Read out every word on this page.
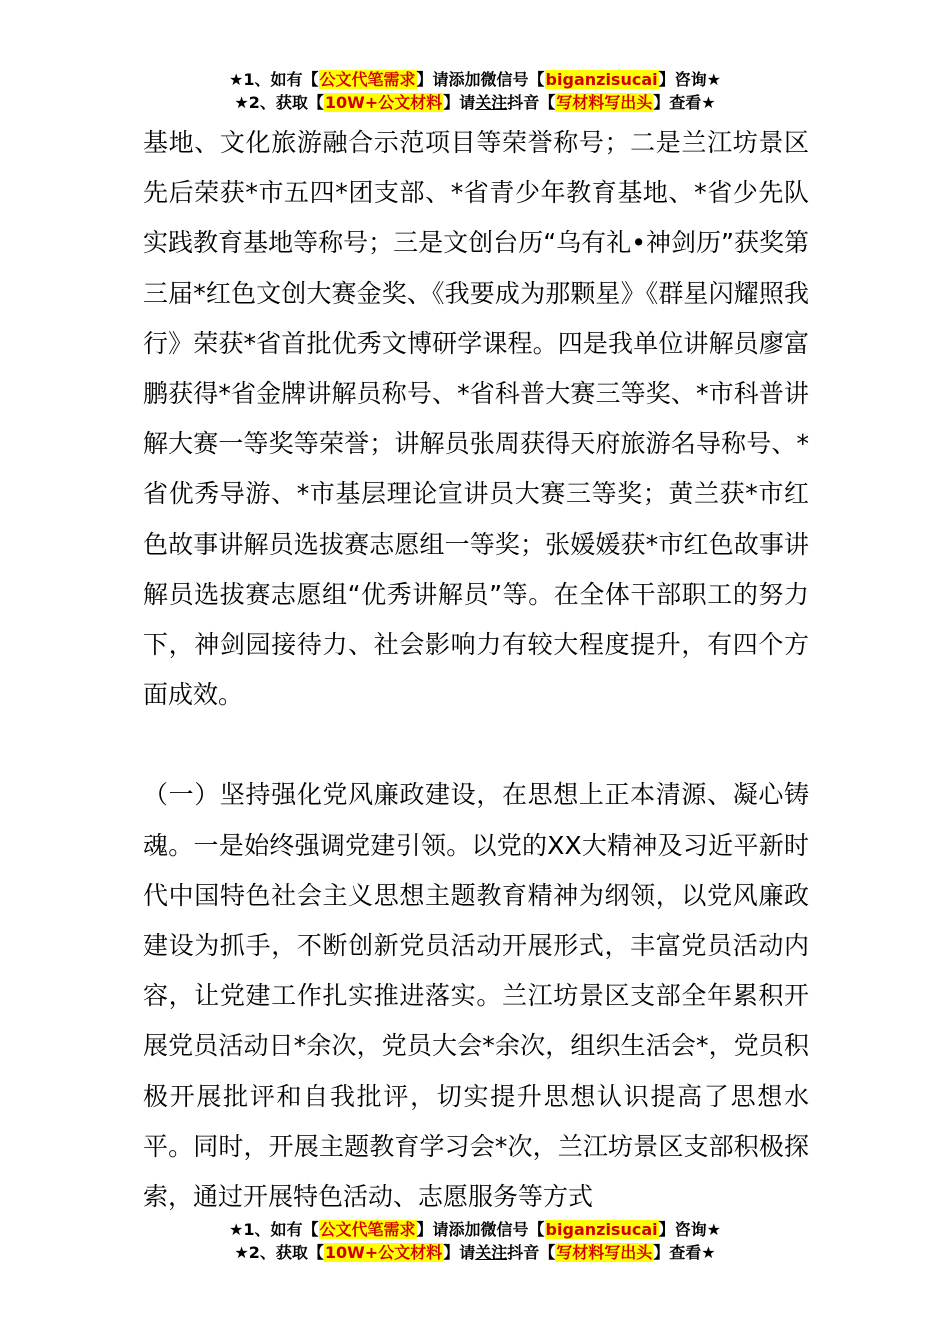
★1、如有【公文代笔需求】请添加微信号【biganzisucai】咨询★
★2、获取【10W+公文材料】请关注抖音【写材料写出头】查看★

基地、文化旅游融合示范项目等荣誉称号；二是兰江坊景区先后荣获*市五四*团支部、*省青少年教育基地、*省少先队实践教育基地等称号；三是文创台历“乌有礼•神剑历”获奖第三届*红色文创大赛金奖、《我要成为那颗星》《群星闪耀照我行》荣获*省首批优秀文博研学课程。四是我单位讲解员廖富鹏获得*省金牌讲解员称号、*省科普大赛三等奖、*市科普讲解大赛一等奖等荣誉；讲解员张周获得天府旅游名导称号、*省优秀导游、*市基层理论宣讲员大赛三等奖；黄兰获*市红色故事讲解员选拔赛志愿组一等奖；张媛媛获*市红色故事讲解员选拔赛志愿组“优秀讲解员”等。在全体干部职工的努力下，神剑园接待力、社会影响力有较大程度提升，有四个方面成效。

（一）坚持强化党风廉政建设，在思想上正本清源、凝心铸魂。一是始终强调党建引领。以党的XX大精神及习近平新时代中国特色社会主义思想主题教育精神为纲领，以党风廉政建设为抓手，不断创新党员活动开展形式，丰富党员活动内容，让党建工作扎实推进落实。兰江坊景区支部全年累积开展党员活动日*余次，党员大会*余次，组织生活会*，党员积极开展批评和自我批评，切实提升思想认识提高了思想水平。同时，开展主题教育学习会*次，兰江坊景区支部积极探索，通过开展特色活动、志愿服务等方式

★1、如有【公文代笔需求】请添加微信号【biganzisucai】咨询★
★2、获取【10W+公文材料】请关注抖音【写材料写出头】查看★
